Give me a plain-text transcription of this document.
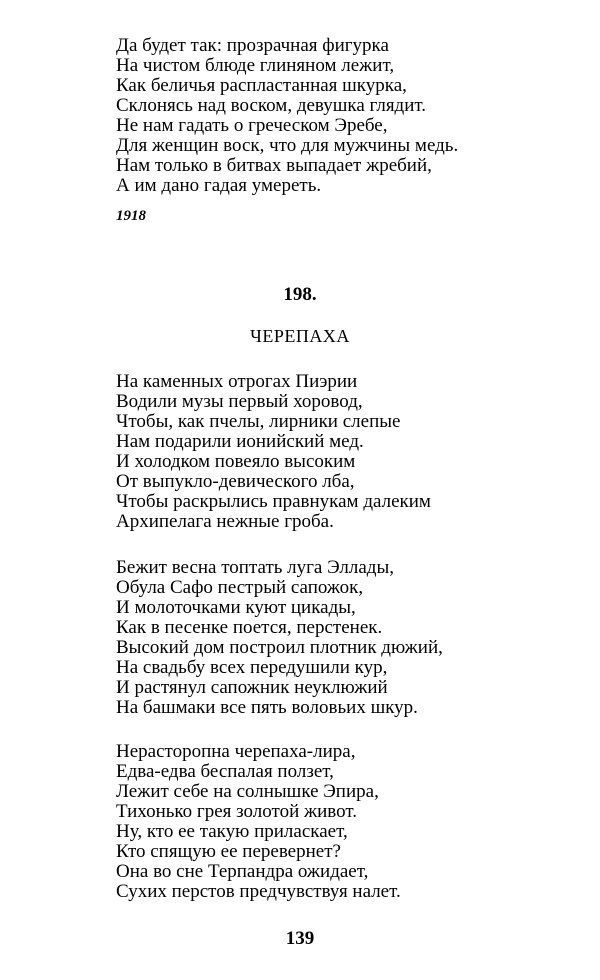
Да будет так: прозрачная фигурка
На чистом блюде глиняном лежит,
Как беличья распластанная шкурка,
Склонясь над воском, девушка глядит.
Не нам гадать о греческом Эребе,
Для женщин воск, что для мужчины медь.
Нам только в битвах выпадает жребий,
А им дано гадая умереть.
1918
198.
ЧЕРЕПАХА
На каменных отрогах Пиэрии
Водили музы первый хоровод,
Чтобы, как пчелы, лирники слепые
Нам подарили ионийский мед.
И холодком повеяло высоким
От выпукло-девического лба,
Чтобы раскрылись правнукам далеким
Архипелага нежные гроба.
Бежит весна топтать луга Эллады,
Обула Сафо пестрый сапожок,
И молоточками куют цикады,
Как в песенке поется, перстенек.
Высокий дом построил плотник дюжий,
На свадьбу всех передушили кур,
И растянул сапожник неуклюжий
На башмаки все пять воловьих шкур.
Нерасторопна черепаха-лира,
Едва-едва беспалая ползет,
Лежит себе на солнышке Эпира,
Тихонько грея золотой живот.
Ну, кто ее такую приласкает,
Кто спящую ее перевернет?
Она во сне Терпандра ожидает,
Сухих перстов предчувствуя налет.
139
